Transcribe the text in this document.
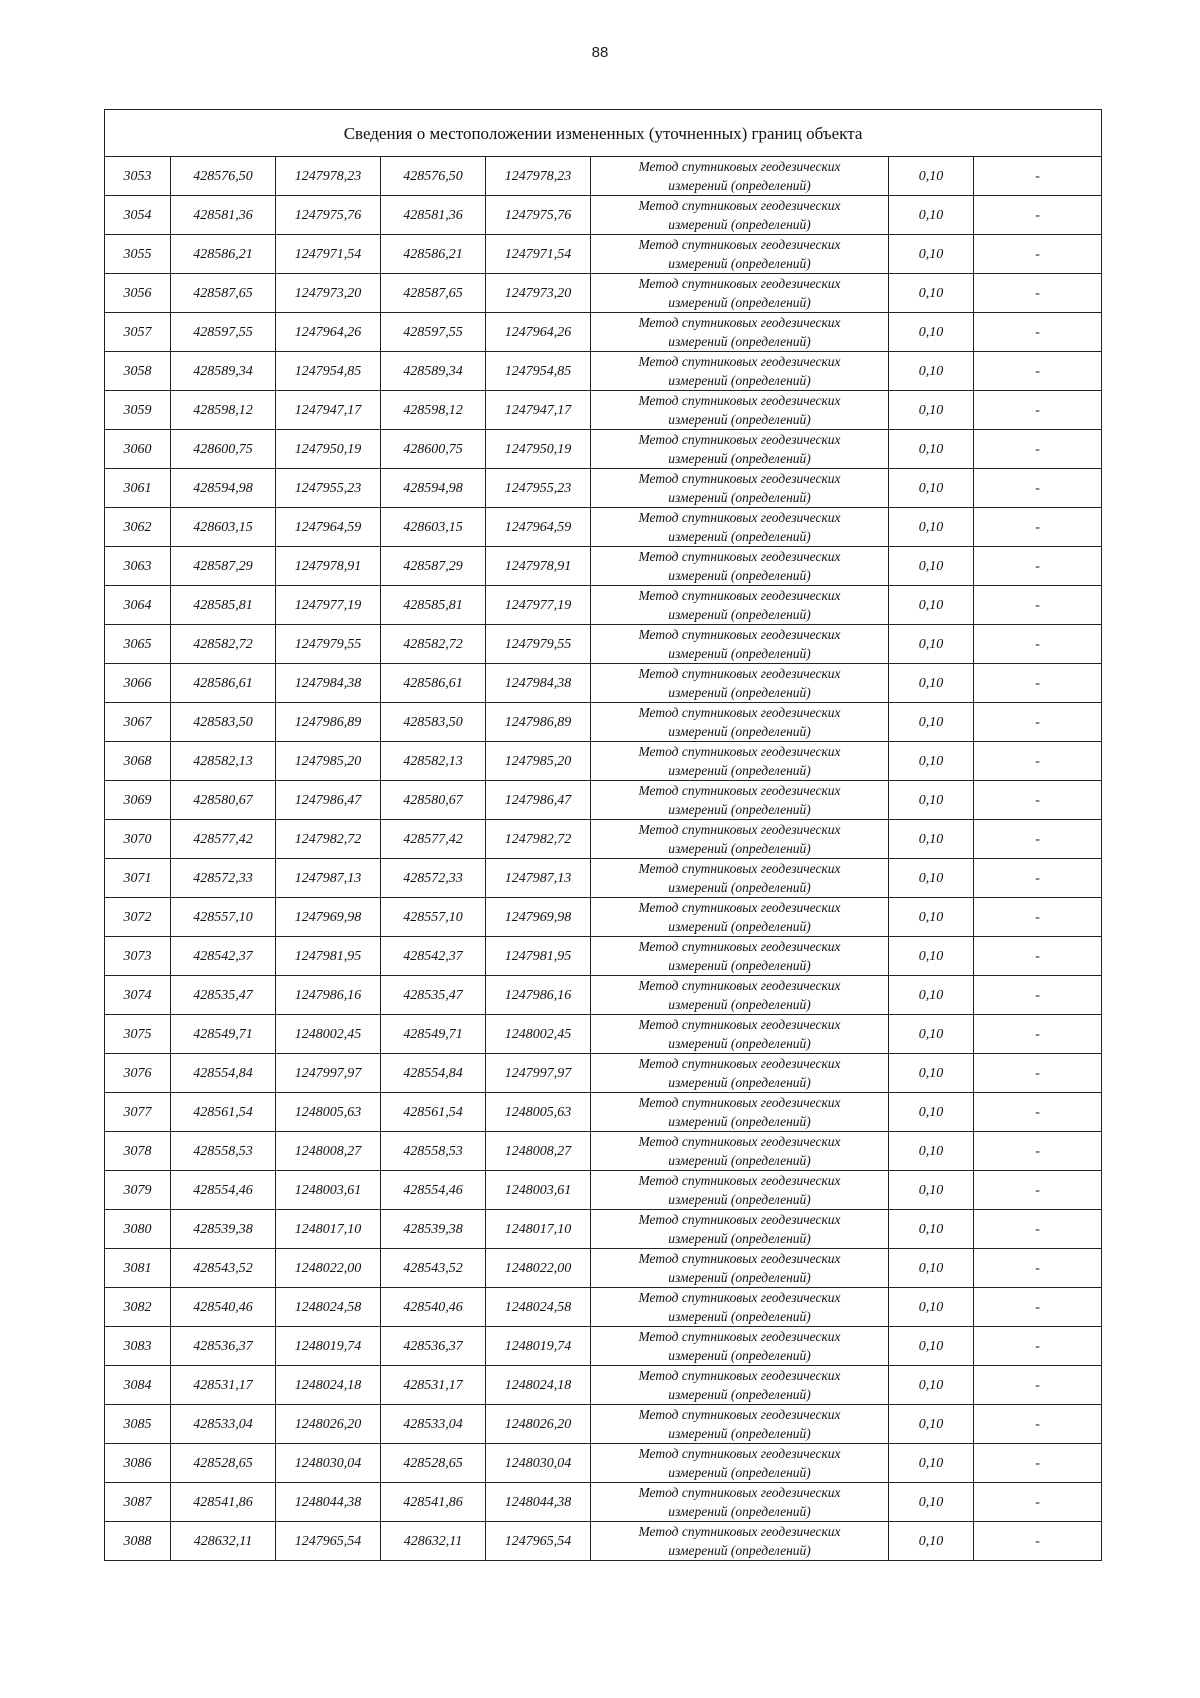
88
Сведения о местоположении измененных (уточненных) границ объекта							
3053	428576,50	1247978,23	428576,50	1247978,23	Метод спутниковых геодезических
измерений (определений)	0,10	-
3054	428581,36	1247975,76	428581,36	1247975,76	Метод спутниковых геодезических
измерений (определений)	0,10	-
3055	428586,21	1247971,54	428586,21	1247971,54	Метод спутниковых геодезических
измерений (определений)	0,10	-
3056	428587,65	1247973,20	428587,65	1247973,20	Метод спутниковых геодезических
измерений (определений)	0,10	-
3057	428597,55	1247964,26	428597,55	1247964,26	Метод спутниковых геодезических
измерений (определений)	0,10	-
3058	428589,34	1247954,85	428589,34	1247954,85	Метод спутниковых геодезических
измерений (определений)	0,10	-
3059	428598,12	1247947,17	428598,12	1247947,17	Метод спутниковых геодезических
измерений (определений)	0,10	-
3060	428600,75	1247950,19	428600,75	1247950,19	Метод спутниковых геодезических
измерений (определений)	0,10	-
3061	428594,98	1247955,23	428594,98	1247955,23	Метод спутниковых геодезических
измерений (определений)	0,10	-
3062	428603,15	1247964,59	428603,15	1247964,59	Метод спутниковых геодезических
измерений (определений)	0,10	-
3063	428587,29	1247978,91	428587,29	1247978,91	Метод спутниковых геодезических
измерений (определений)	0,10	-
3064	428585,81	1247977,19	428585,81	1247977,19	Метод спутниковых геодезических
измерений (определений)	0,10	-
3065	428582,72	1247979,55	428582,72	1247979,55	Метод спутниковых геодезических
измерений (определений)	0,10	-
3066	428586,61	1247984,38	428586,61	1247984,38	Метод спутниковых геодезических
измерений (определений)	0,10	-
3067	428583,50	1247986,89	428583,50	1247986,89	Метод спутниковых геодезических
измерений (определений)	0,10	-
3068	428582,13	1247985,20	428582,13	1247985,20	Метод спутниковых геодезических
измерений (определений)	0,10	-
3069	428580,67	1247986,47	428580,67	1247986,47	Метод спутниковых геодезических
измерений (определений)	0,10	-
3070	428577,42	1247982,72	428577,42	1247982,72	Метод спутниковых геодезических
измерений (определений)	0,10	-
3071	428572,33	1247987,13	428572,33	1247987,13	Метод спутниковых геодезических
измерений (определений)	0,10	-
3072	428557,10	1247969,98	428557,10	1247969,98	Метод спутниковых геодезических
измерений (определений)	0,10	-
3073	428542,37	1247981,95	428542,37	1247981,95	Метод спутниковых геодезических
измерений (определений)	0,10	-
3074	428535,47	1247986,16	428535,47	1247986,16	Метод спутниковых геодезических
измерений (определений)	0,10	-
3075	428549,71	1248002,45	428549,71	1248002,45	Метод спутниковых геодезических
измерений (определений)	0,10	-
3076	428554,84	1247997,97	428554,84	1247997,97	Метод спутниковых геодезических
измерений (определений)	0,10	-
3077	428561,54	1248005,63	428561,54	1248005,63	Метод спутниковых геодезических
измерений (определений)	0,10	-
3078	428558,53	1248008,27	428558,53	1248008,27	Метод спутниковых геодезических
измерений (определений)	0,10	-
3079	428554,46	1248003,61	428554,46	1248003,61	Метод спутниковых геодезических
измерений (определений)	0,10	-
3080	428539,38	1248017,10	428539,38	1248017,10	Метод спутниковых геодезических
измерений (определений)	0,10	-
3081	428543,52	1248022,00	428543,52	1248022,00	Метод спутниковых геодезических
измерений (определений)	0,10	-
3082	428540,46	1248024,58	428540,46	1248024,58	Метод спутниковых геодезических
измерений (определений)	0,10	-
3083	428536,37	1248019,74	428536,37	1248019,74	Метод спутниковых геодезических
измерений (определений)	0,10	-
3084	428531,17	1248024,18	428531,17	1248024,18	Метод спутниковых геодезических
измерений (определений)	0,10	-
3085	428533,04	1248026,20	428533,04	1248026,20	Метод спутниковых геодезических
измерений (определений)	0,10	-
3086	428528,65	1248030,04	428528,65	1248030,04	Метод спутниковых геодезических
измерений (определений)	0,10	-
3087	428541,86	1248044,38	428541,86	1248044,38	Метод спутниковых геодезических
измерений (определений)	0,10	-
3088	428632,11	1247965,54	428632,11	1247965,54	Метод спутниковых геодезических
измерений (определений)	0,10	-
